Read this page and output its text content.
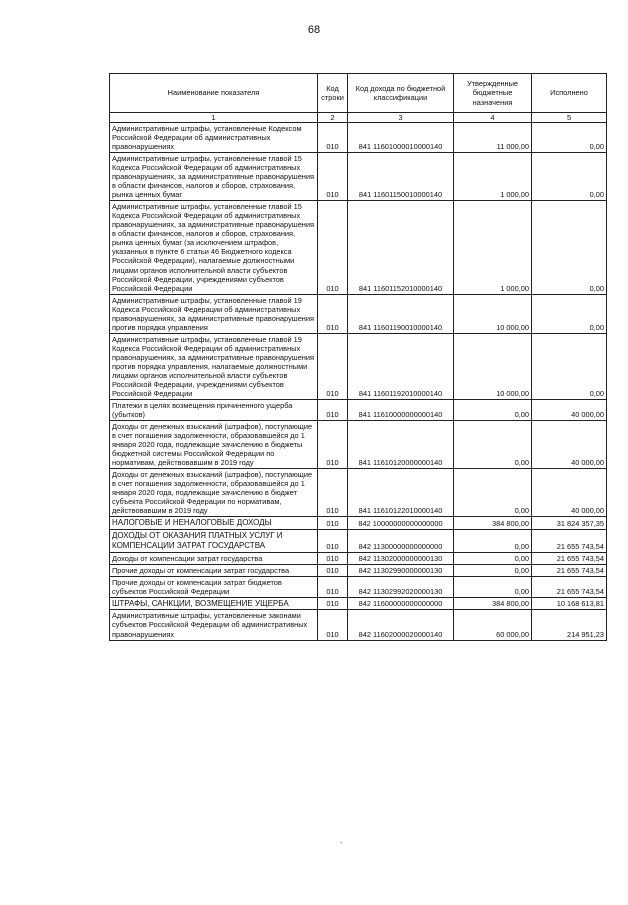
68
Наименование показателя	Код строки	Код дохода по бюджетной классификации	Утвержденные бюджетные назначения	Исполнено
1	2	3	4	5
Административные штрафы, установленные Кодексом Российской Федерации об административных правонарушениях	010	841 11601000010000140	11 000,00	0,00
Административные штрафы, установленные главой 15 Кодекса Российской Федерации об административных правонарушениях, за административные правонарушения в области финансов, налогов и сборов, страхования, рынка ценных бумаг	010	841 11601150010000140	1 000,00	0,00
Административные штрафы, установленные главой 15 Кодекса Российской Федерации об административных правонарушениях, за административные правонарушения в области финансов, налогов и сборов, страхования, рынка ценных бумаг (за исключением штрафов, указанных в пункте 6 статьи 46 Бюджетного кодекса Российской Федерации), налагаемые должностными лицами органов исполнительной власти субъектов Российской Федерации, учреждениями субъектов Российской Федерации	010	841 11601152010000140	1 000,00	0,00
Административные штрафы, установленные главой 19 Кодекса Российской Федерации об административных правонарушениях, за административные правонарушения против порядка управления	010	841 11601190010000140	10 000,00	0,00
Административные штрафы, установленные главой 19 Кодекса Российской Федерации об административных правонарушениях, за административные правонарушения против порядка управления, налагаемые должностными лицами органов исполнительной власти субъектов Российской Федерации, учреждениями субъектов Российской Федерации	010	841 11601192010000140	10 000,00	0,00
Платежи в целях возмещения причиненного ущерба (убытков)	010	841 11610000000000140	0,00	40 000,00
Доходы от денежных взысканий (штрафов), поступающие в счет погашения задолженности, образовавшейся до 1 января 2020 года, подлежащие зачислению в бюджеты бюджетной системы Российской Федерации по нормативам, действовавшим в 2019 году	010	841 11610120000000140	0,00	40 000,00
Доходы от денежных взысканий (штрафов), поступающие в счет погашения задолженности, образовавшейся до 1 января 2020 года, подлежащие зачислению в бюджет субъекта Российской Федерации по нормативам, действовавшим в 2019 году	010	841 11610122010000140	0,00	40 000,00
НАЛОГОВЫЕ И НЕНАЛОГОВЫЕ ДОХОДЫ	010	842 10000000000000000	384 800,00	31 824 357,35
ДОХОДЫ ОТ ОКАЗАНИЯ ПЛАТНЫХ УСЛУГ И КОМПЕНСАЦИИ ЗАТРАТ ГОСУДАРСТВА	010	842 11300000000000000	0,00	21 655 743,54
Доходы от компенсации затрат государства	010	842 11302000000000130	0,00	21 655 743,54
Прочие доходы от компенсации затрат государства	010	842 11302990000000130	0,00	21 655 743,54
Прочие доходы от компенсации затрат бюджетов субъектов Российской Федерации	010	842 11302992020000130	0,00	21 655 743,54
ШТРАФЫ, САНКЦИИ, ВОЗМЕЩЕНИЕ УЩЕРБА	010	842 11600000000000000	384 800,00	10 168 613,81
Административные штрафы, установленные законами субъектов Российской Федерации об административных правонарушениях	010	842 11602000020000140	60 000,00	214 951,23
-
